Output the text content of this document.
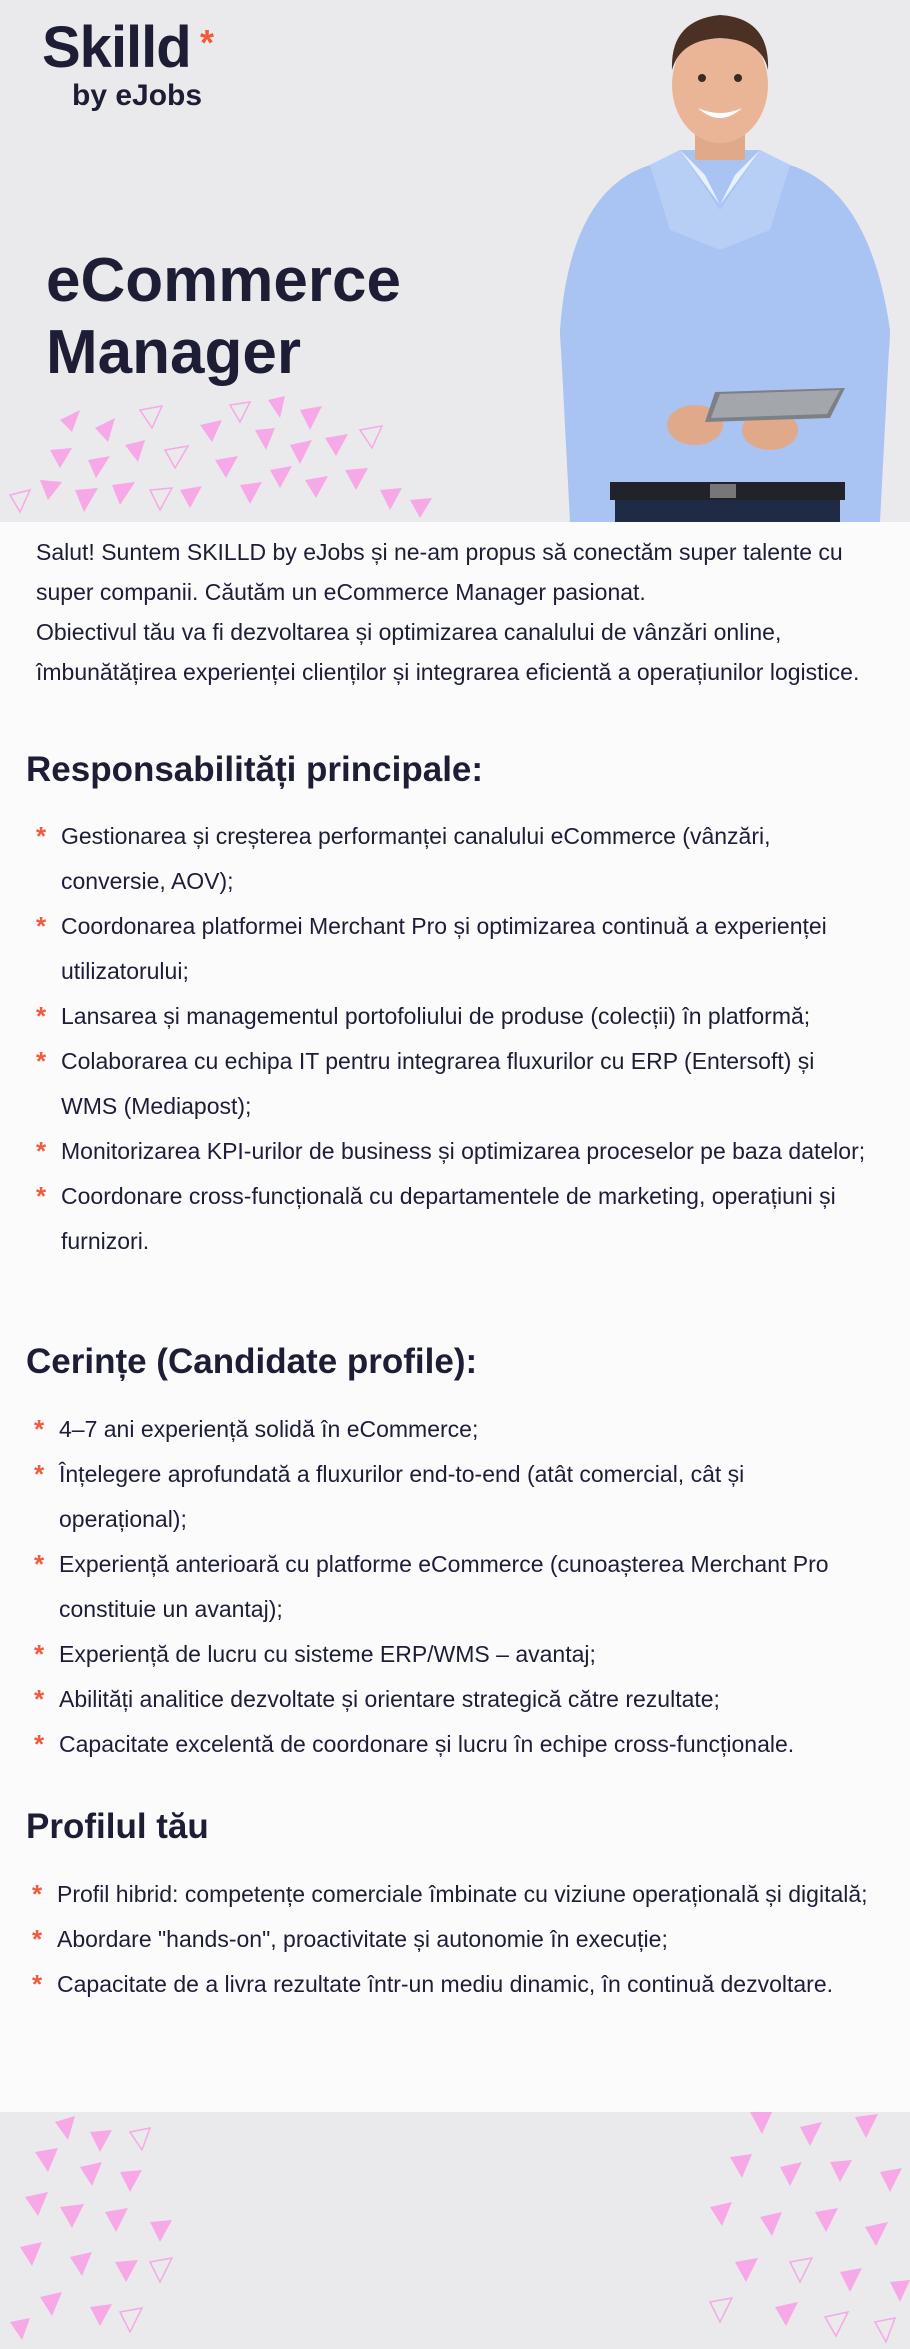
Skilld *
by eJobs
eCommerce
Manager

Salut! Suntem SKILLD by eJobs și ne-am propus să conectăm super talente cu super companii. Căutăm un eCommerce Manager pasionat.

Obiectivul tău va fi dezvoltarea și optimizarea canalului de vânzări online, îmbunătățirea experienței clienților și integrarea eficientă a operațiunilor logistice.

Responsabilități principale:
* Gestionarea și creșterea performanței canalului eCommerce (vânzări, conversie, AOV);
* Coordonarea platformei Merchant Pro și optimizarea continuă a experienței utilizatorului;
* Lansarea și managementul portofoliului de produse (colecții) în platformă;
* Colaborarea cu echipa IT pentru integrarea fluxurilor cu ERP (Entersoft) și WMS (Mediapost);
* Monitorizarea KPI-urilor de business și optimizarea proceselor pe baza datelor;
* Coordonare cross-funcțională cu departamentele de marketing, operațiuni și furnizori.
Cerințe (Candidate profile):
* 4–7 ani experiență solidă în eCommerce;
* Înțelegere aprofundată a fluxurilor end-to-end (atât comercial, cât și operațional);
* Experiență anterioară cu platforme eCommerce (cunoașterea Merchant Pro constituie un avantaj);
* Experiență de lucru cu sisteme ERP/WMS – avantaj;
* Abilități analitice dezvoltate și orientare strategică către rezultate;
* Capacitate excelentă de coordonare și lucru în echipe cross-funcționale.
Profilul tău
* Profil hibrid: competențe comerciale îmbinate cu viziune operațională și digitală;
* Abordare "hands-on", proactivitate și autonomie în execuție;
* Capacitate de a livra rezultate într-un mediu dinamic, în continuă dezvoltare.
